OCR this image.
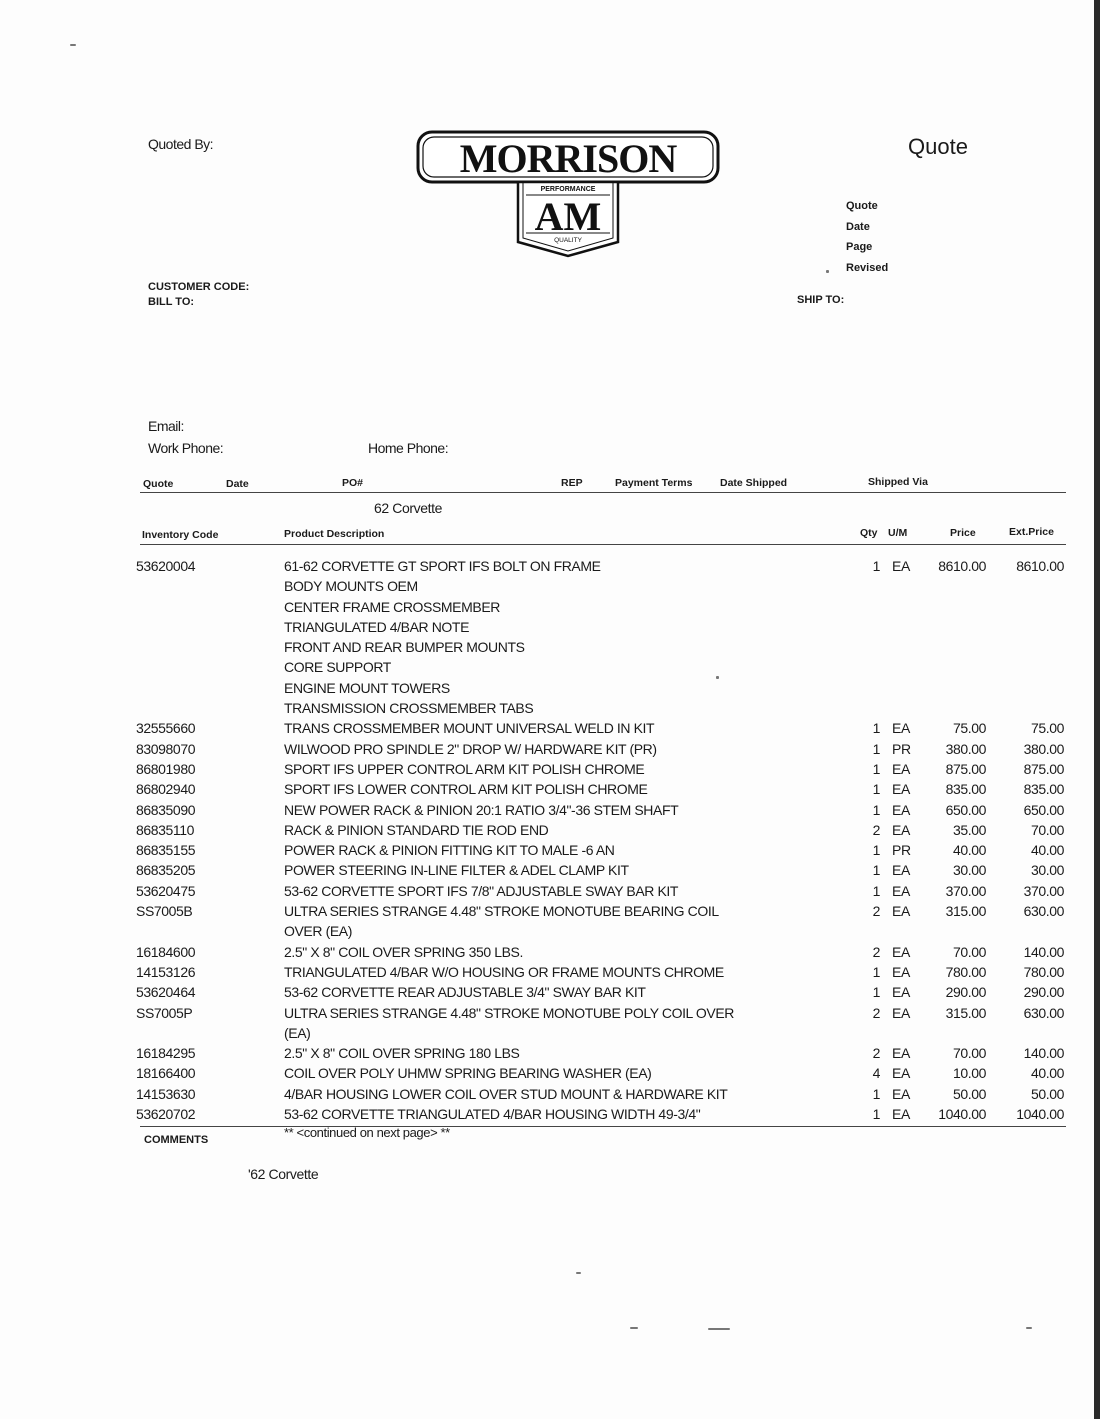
Quoted By:	Quote
MORRISON
PERFORMANCE
AM
QUALITY
Quote
Date
Page
Revised
CUSTOMER CODE:
BILL TO:	SHIP TO:
Email:
Work Phone:	Home Phone:
Quote	Date	PO#	REP	Payment Terms	Date Shipped	Shipped Via
62 Corvette
Inventory Code	Product Description	Qty U/M	Price	Ext.Price
53620004	61-62 CORVETTE GT SPORT IFS BOLT ON FRAME	1 EA	8610.00	8610.00
BODY MOUNTS OEM
CENTER FRAME CROSSMEMBER
TRIANGULATED 4/BAR NOTE
FRONT AND REAR BUMPER MOUNTS
CORE SUPPORT
ENGINE MOUNT TOWERS
TRANSMISSION CROSSMEMBER TABS
32555660	TRANS CROSSMEMBER MOUNT UNIVERSAL WELD IN KIT	1 EA	75.00	75.00
83098070	WILWOOD PRO SPINDLE 2" DROP W/ HARDWARE KIT (PR)	1 PR	380.00	380.00
86801980	SPORT IFS UPPER CONTROL ARM KIT POLISH CHROME	1 EA	875.00	875.00
86802940	SPORT IFS LOWER CONTROL ARM KIT POLISH CHROME	1 EA	835.00	835.00
86835090	NEW POWER RACK & PINION 20:1 RATIO 3/4"-36 STEM SHAFT	1 EA	650.00	650.00
86835110	RACK & PINION STANDARD TIE ROD END	2 EA	35.00	70.00
86835155	POWER RACK & PINION FITTING KIT TO MALE -6 AN	1 PR	40.00	40.00
86835205	POWER STEERING IN-LINE FILTER & ADEL CLAMP KIT	1 EA	30.00	30.00
53620475	53-62 CORVETTE SPORT IFS 7/8" ADJUSTABLE SWAY BAR KIT	1 EA	370.00	370.00
SS7005B	ULTRA SERIES STRANGE 4.48" STROKE MONOTUBE BEARING COIL	2 EA	315.00	630.00
OVER (EA)
16184600	2.5" X 8" COIL OVER SPRING 350 LBS.	2 EA	70.00	140.00
14153126	TRIANGULATED 4/BAR W/O HOUSING OR FRAME MOUNTS CHROME	1 EA	780.00	780.00
53620464	53-62 CORVETTE REAR ADJUSTABLE 3/4" SWAY BAR KIT	1 EA	290.00	290.00
SS7005P	ULTRA SERIES STRANGE 4.48" STROKE MONOTUBE POLY COIL OVER	2 EA	315.00	630.00
(EA)
16184295	2.5" X 8" COIL OVER SPRING 180 LBS	2 EA	70.00	140.00
18166400	COIL OVER POLY UHMW SPRING BEARING WASHER (EA)	4 EA	10.00	40.00
14153630	4/BAR HOUSING LOWER COIL OVER STUD MOUNT & HARDWARE KIT	1 EA	50.00	50.00
53620702	53-62 CORVETTE TRIANGULATED 4/BAR HOUSING WIDTH 49-3/4"	1 EA	1040.00	1040.00
COMMENTS	** <continued on next page> **
'62 Corvette
